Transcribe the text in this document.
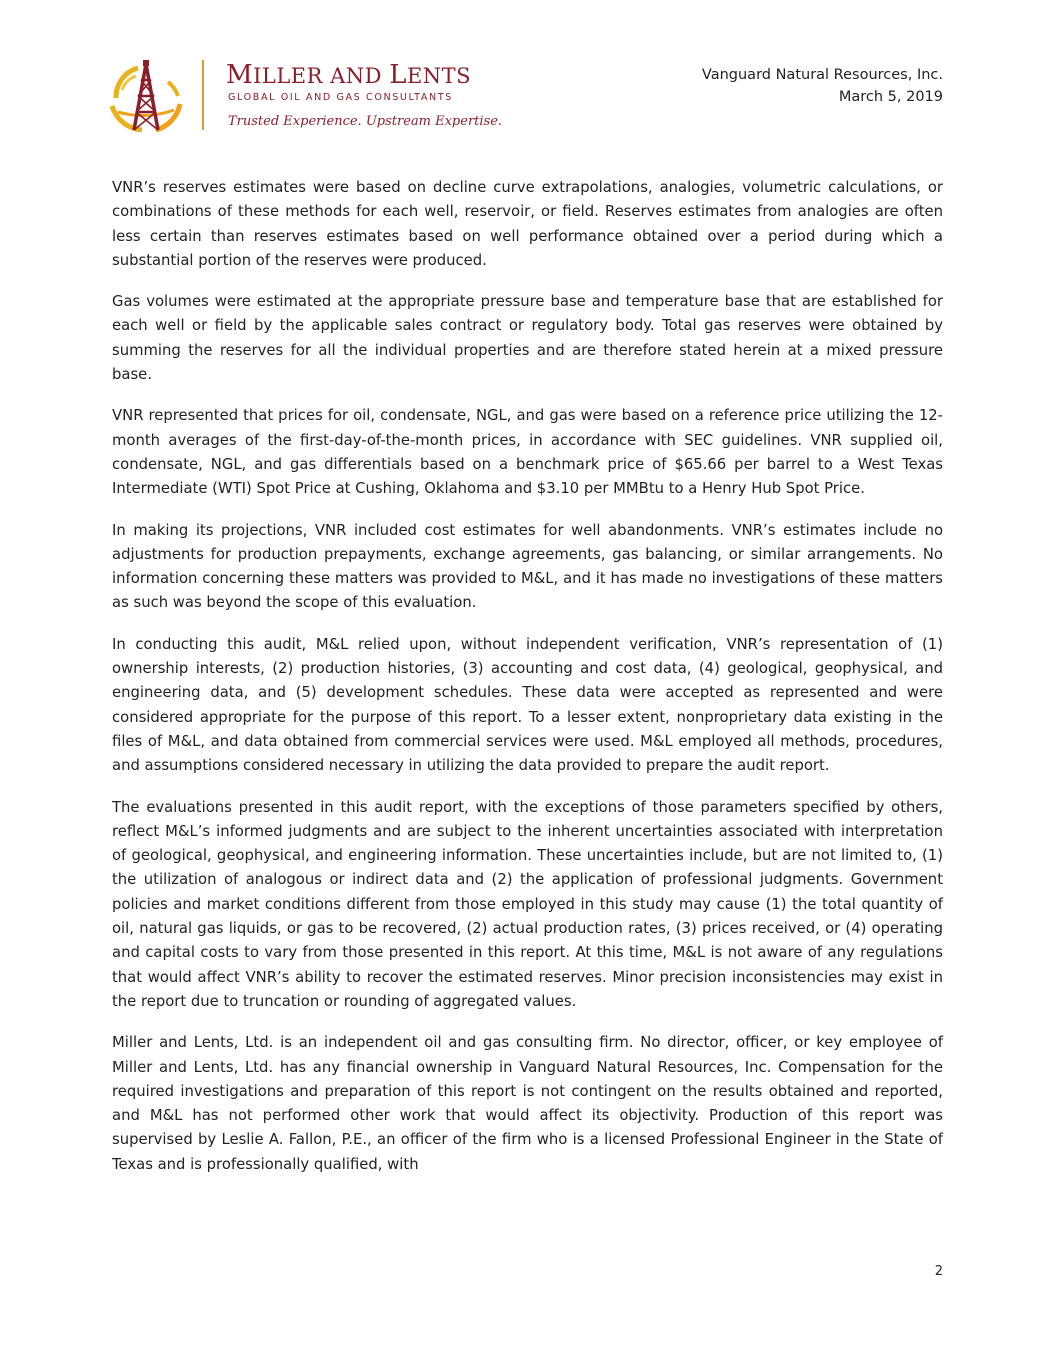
MILLER AND LENTS
GLOBAL OIL AND GAS CONSULTANTS
Trusted Experience. Upstream Expertise.
Vanguard Natural Resources, Inc.
March 5, 2019

VNR’s reserves estimates were based on decline curve extrapolations, analogies, volumetric calculations, or combinations of these methods for each well, reservoir, or field. Reserves estimates from analogies are often less certain than reserves estimates based on well performance obtained over a period during which a substantial portion of the reserves were produced.

Gas volumes were estimated at the appropriate pressure base and temperature base that are established for each well or field by the applicable sales contract or regulatory body. Total gas reserves were obtained by summing the reserves for all the individual properties and are therefore stated herein at a mixed pressure base.

VNR represented that prices for oil, condensate, NGL, and gas were based on a reference price utilizing the 12-month averages of the first-day-of-the-month prices, in accordance with SEC guidelines. VNR supplied oil, condensate, NGL, and gas differentials based on a benchmark price of $65.66 per barrel to a West Texas Intermediate (WTI) Spot Price at Cushing, Oklahoma and $3.10 per MMBtu to a Henry Hub Spot Price.

In making its projections, VNR included cost estimates for well abandonments. VNR’s estimates include no adjustments for production prepayments, exchange agreements, gas balancing, or similar arrangements. No information concerning these matters was provided to M&L, and it has made no investigations of these matters as such was beyond the scope of this evaluation.

In conducting this audit, M&L relied upon, without independent verification, VNR’s representation of (1) ownership interests, (2) production histories, (3) accounting and cost data, (4) geological, geophysical, and engineering data, and (5) development schedules. These data were accepted as represented and were considered appropriate for the purpose of this report. To a lesser extent, nonproprietary data existing in the files of M&L, and data obtained from commercial services were used. M&L employed all methods, procedures, and assumptions considered necessary in utilizing the data provided to prepare the audit report.

The evaluations presented in this audit report, with the exceptions of those parameters specified by others, reflect M&L’s informed judgments and are subject to the inherent uncertainties associated with interpretation of geological, geophysical, and engineering information. These uncertainties include, but are not limited to, (1) the utilization of analogous or indirect data and (2) the application of professional judgments. Government policies and market conditions different from those employed in this study may cause (1) the total quantity of oil, natural gas liquids, or gas to be recovered, (2) actual production rates, (3) prices received, or (4) operating and capital costs to vary from those presented in this report. At this time, M&L is not aware of any regulations that would affect VNR’s ability to recover the estimated reserves. Minor precision inconsistencies may exist in the report due to truncation or rounding of aggregated values.

Miller and Lents, Ltd. is an independent oil and gas consulting firm. No director, officer, or key employee of Miller and Lents, Ltd. has any financial ownership in Vanguard Natural Resources, Inc. Compensation for the required investigations and preparation of this report is not contingent on the results obtained and reported, and M&L has not performed other work that would affect its objectivity. Production of this report was supervised by Leslie A. Fallon, P.E., an officer of the firm who is a licensed Professional Engineer in the State of Texas and is professionally qualified, with

2
